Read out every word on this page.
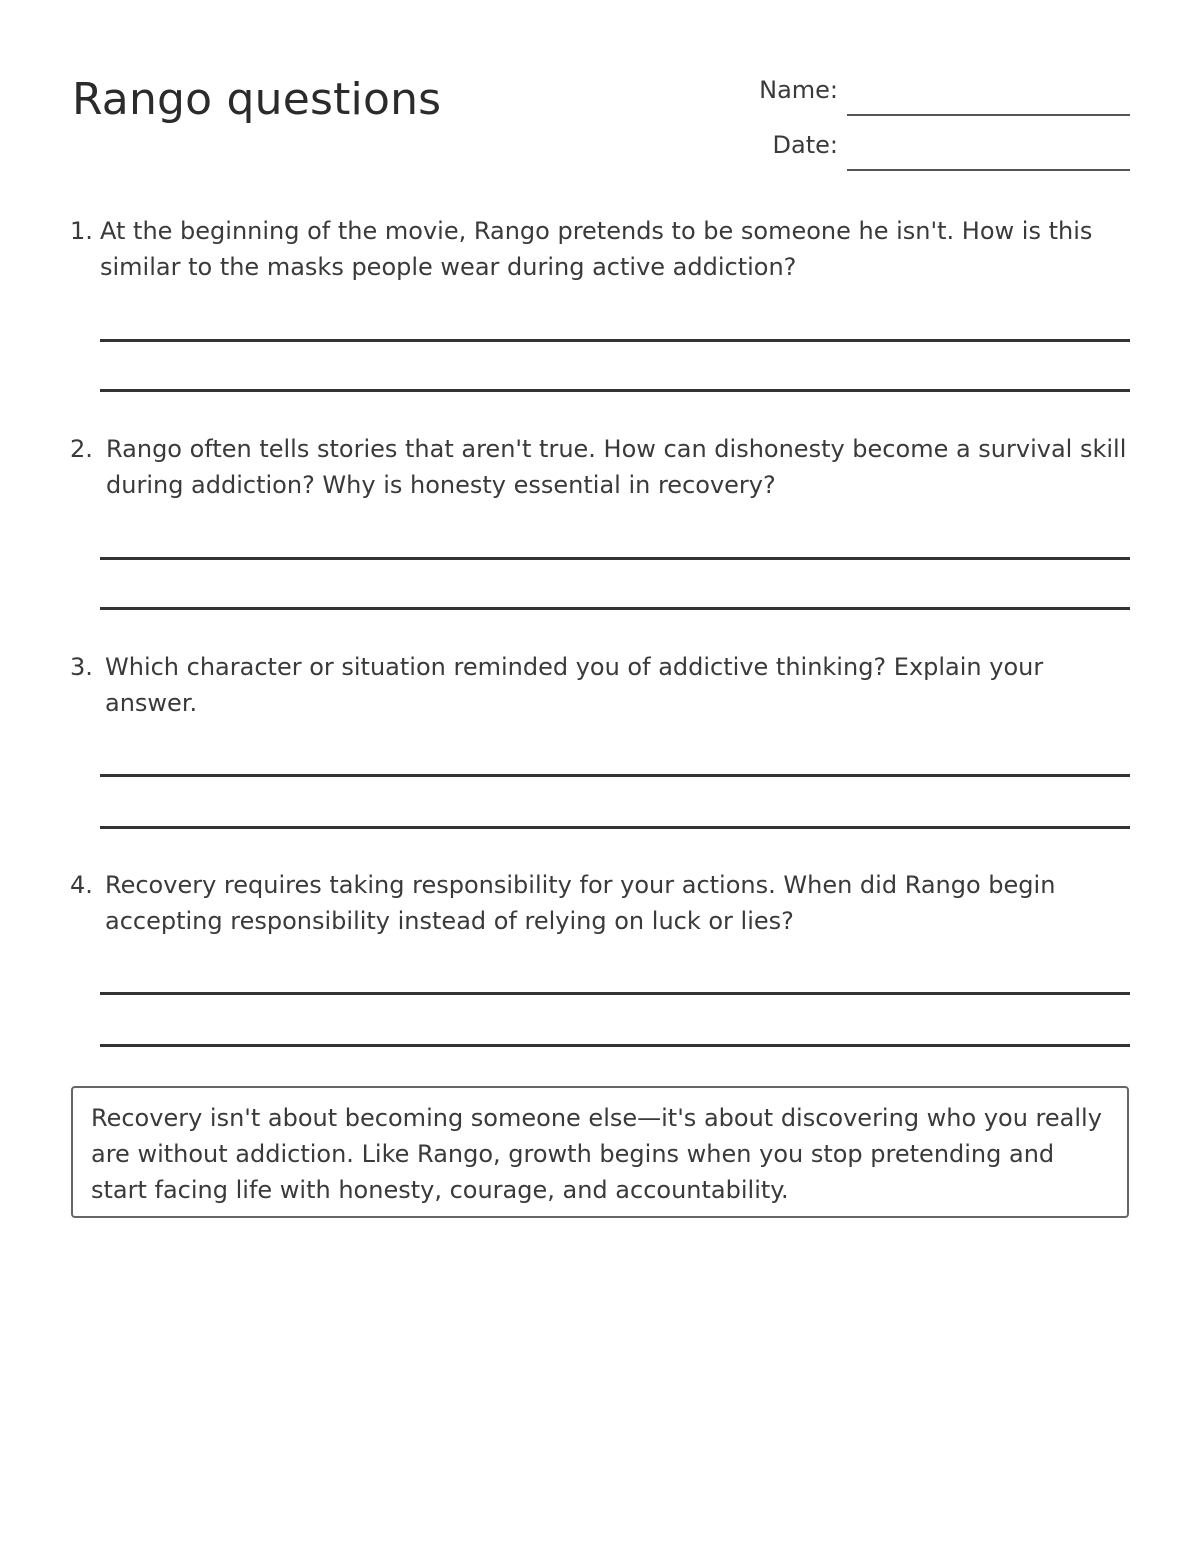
Rango questions	Name:
Date:
1. At the beginning of the movie, Rango pretends to be someone he isn't. How is this similar to the masks people wear during active addiction?
2. Rango often tells stories that aren't true. How can dishonesty become a survival skill during addiction? Why is honesty essential in recovery?
3. Which character or situation reminded you of addictive thinking? Explain your answer.
4. Recovery requires taking responsibility for your actions. When did Rango begin accepting responsibility instead of relying on luck or lies?
Recovery isn't about becoming someone else—it's about discovering who you really are without addiction. Like Rango, growth begins when you stop pretending and start facing life with honesty, courage, and accountability.
